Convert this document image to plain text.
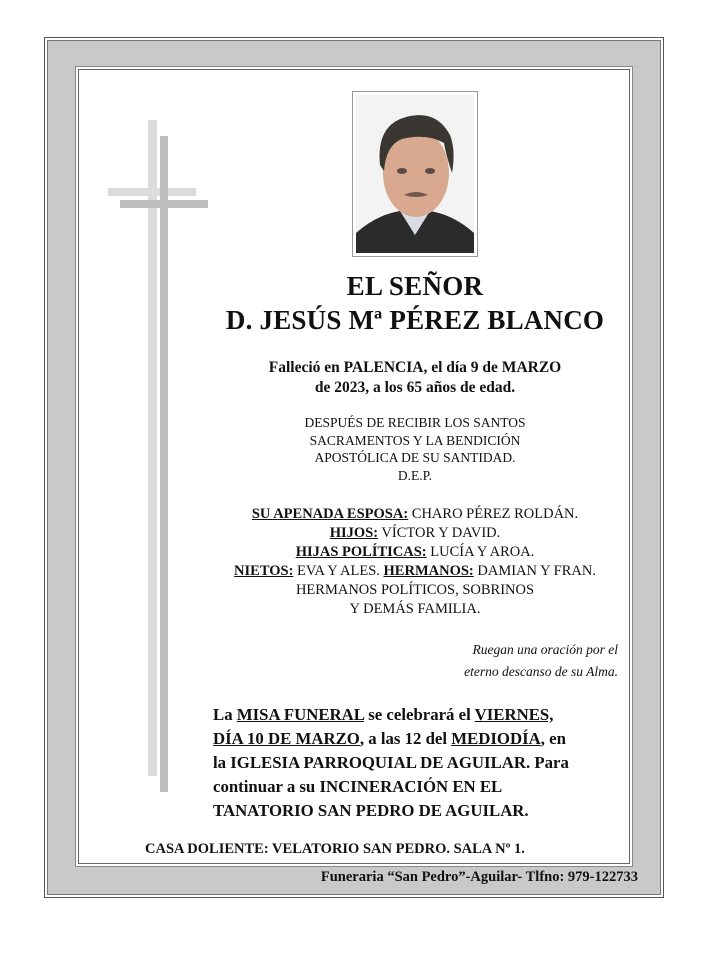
EL SEÑOR
D. JESÚS Mª PÉREZ BLANCO
Falleció en PALENCIA, el día 9 de MARZO
de 2023, a los 65 años de edad.
DESPUÉS DE RECIBIR LOS SANTOS
SACRAMENTOS Y LA BENDICIÓN
APOSTÓLICA DE SU SANTIDAD.
D.E.P.
SU APENADA ESPOSA: CHARO PÉREZ ROLDÁN.
HIJOS: VÍCTOR Y DAVID.
HIJAS POLÍTICAS: LUCÍA Y AROA.
NIETOS: EVA Y ALES. HERMANOS: DAMIAN Y FRAN.
HERMANOS POLÍTICOS, SOBRINOS
Y DEMÁS FAMILIA.
Ruegan una oración por el
eterno descanso de su Alma.
La MISA FUNERAL se celebrará el VIERNES,
DÍA 10 DE MARZO, a las 12 del MEDIODÍA, en
la IGLESIA PARROQUIAL DE AGUILAR. Para
continuar a su INCINERACIÓN EN EL
TANATORIO SAN PEDRO DE AGUILAR.
CASA DOLIENTE: VELATORIO SAN PEDRO. SALA Nº 1.
Funeraria “San Pedro”-Aguilar- Tlfno: 979-122733
